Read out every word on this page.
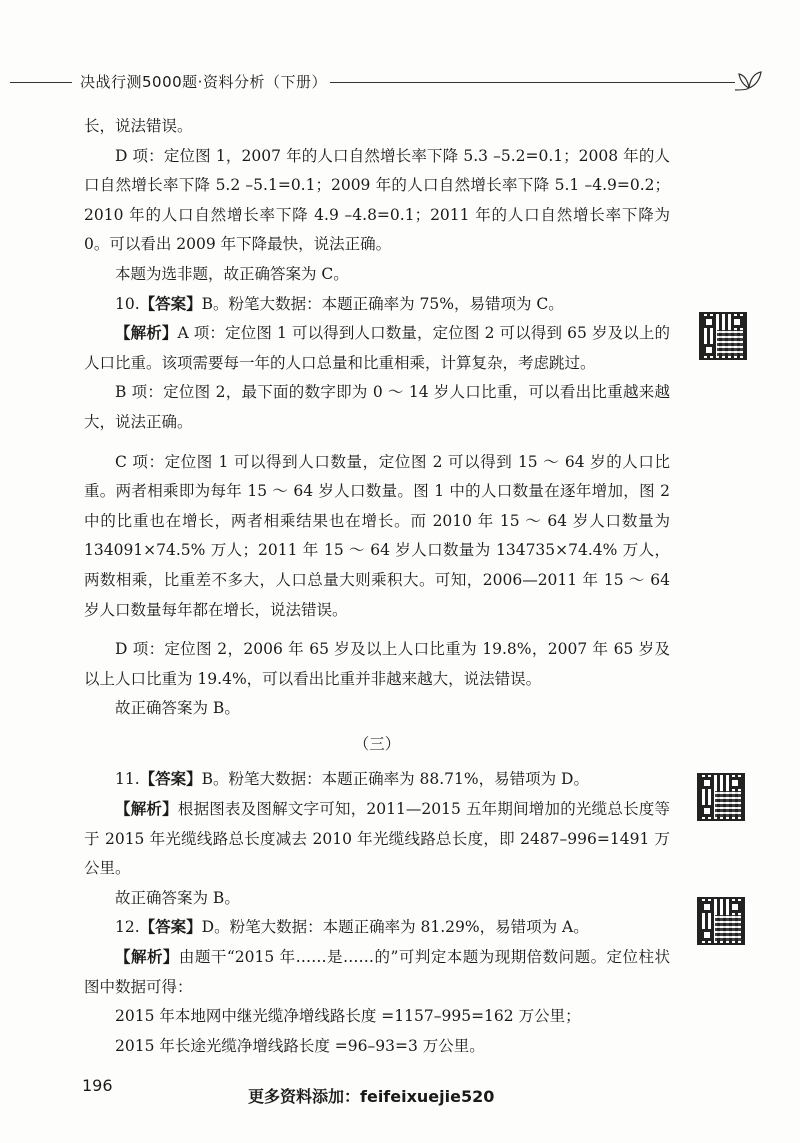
决战行测5000题·资料分析（下册）

长，说法错误。

D 项：定位图 1，2007 年的人口自然增长率下降 5.3 –5.2=0.1；2008 年的人口自然增长率下降 5.2 –5.1=0.1；2009 年的人口自然增长率下降 5.1 –4.9=0.2；2010 年的人口自然增长率下降 4.9 –4.8=0.1；2011 年的人口自然增长率下降为 0。可以看出 2009 年下降最快，说法正确。

本题为选非题，故正确答案为 C。

10.【答案】B。粉笔大数据：本题正确率为 75%，易错项为 C。

【解析】A 项：定位图 1 可以得到人口数量，定位图 2 可以得到 65 岁及以上的人口比重。该项需要每一年的人口总量和比重相乘，计算复杂，考虑跳过。

B 项：定位图 2，最下面的数字即为 0 ～ 14 岁人口比重，可以看出比重越来越大，说法正确。

C 项：定位图 1 可以得到人口数量，定位图 2 可以得到 15 ～ 64 岁的人口比重。两者相乘即为每年 15 ～ 64 岁人口数量。图 1 中的人口数量在逐年增加，图 2 中的比重也在增长，两者相乘结果也在增长。而 2010 年 15 ～ 64 岁人口数量为 134091×74.5% 万人；2011 年 15 ～ 64 岁人口数量为 134735×74.4% 万人，两数相乘，比重差不多大，人口总量大则乘积大。可知，2006—2011 年 15 ～ 64 岁人口数量每年都在增长，说法错误。

D 项：定位图 2，2006 年 65 岁及以上人口比重为 19.8%，2007 年 65 岁及以上人口比重为 19.4%，可以看出比重并非越来越大，说法错误。

故正确答案为 B。

（三）

11.【答案】B。粉笔大数据：本题正确率为 88.71%，易错项为 D。

【解析】根据图表及图解文字可知，2011—2015 五年期间增加的光缆总长度等于 2015 年光缆线路总长度减去 2010 年光缆线路总长度，即 2487–996=1491 万公里。

故正确答案为 B。

12.【答案】D。粉笔大数据：本题正确率为 81.29%，易错项为 A。

【解析】由题干“2015 年……是……的”可判定本题为现期倍数问题。定位柱状图中数据可得：

2015 年本地网中继光缆净增线路长度 =1157–995=162 万公里；

2015 年长途光缆净增线路长度 =96–93=3 万公里。

196
更多资料添加：feifeixuejie520
